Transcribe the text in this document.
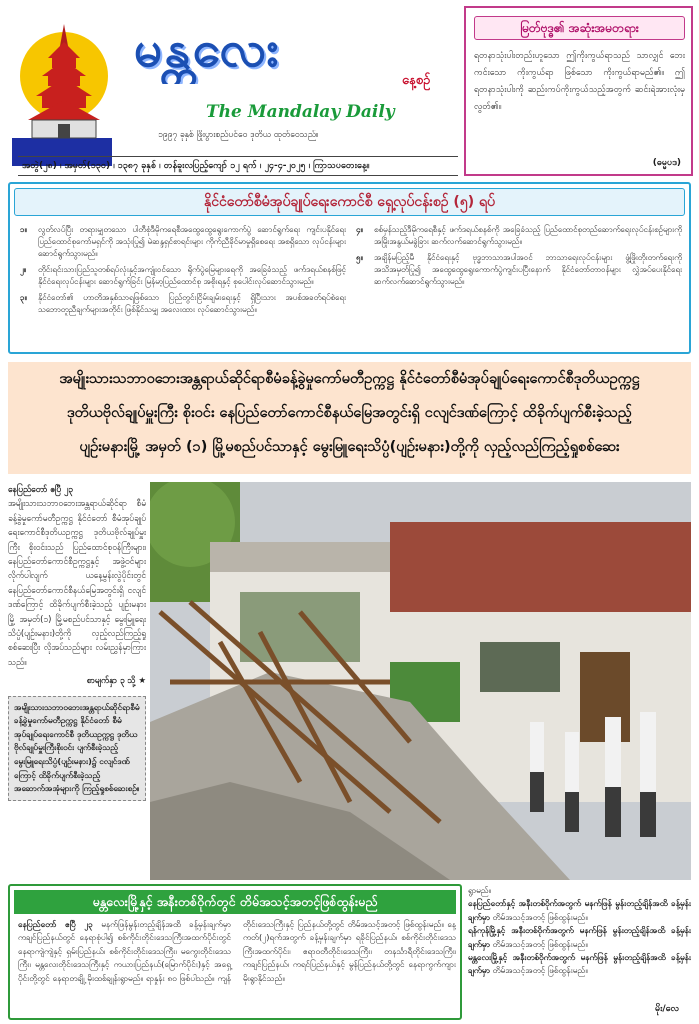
မန္တလေး
နေ့စဉ်
The Mandalay Daily
၁၉၉၇ ခုနှစ် ဖြိုးပွားစည်ပင်ဝေ ဒုတိယ ထုတ်ဝေသည်။
အတွဲ(၂၈) ၊ အမှတ်(၁၃၀) ၊ ၁၃၈၇ ခုနှစ် ၊ တန်ခူးလပြည့်ကျော် ၁၂ ရက် ၊ ၂၄-၄-၂၀၂၅ ၊ ကြာသပတေးနေ့။
မြတ်ဗုဒ္ဓ၏ အဆုံးအမတရား
ရတနာသုံးပါးတည်းဟူသော ဤကိုးကွယ်ရာသည် သာလျှင် ဘေးကင်းသော ကိုးကွယ်ရာ ဖြစ်သော ကိုးကွယ်ရာမည်၏။ ဤရတနာသုံးပါးကို ဆည်းကပ်ကိုးကွယ်သည့်အတွက် ဆင်းရဲအားလုံးမှ လွတ်၏။
(ဓမ္မပဒ)
နိုင်ငံတော်စီမံအုပ်ချုပ်ရေးကောင်စီ ရှေ့လုပ်ငန်းစဉ် (၅) ရပ်
၁။	လွတ်လပ်ပြီး တရားမျှတသော ပါတီစုံဒီမိုကရေစီအထွေထွေရွေးကောက်ပွဲ ဆောင်ရွက်ရေး ကျင်းပနိုင်ရေး ပြည်ထောင်စုကော်မရှင်ကို အသုံးပြု၍ မဲဆန္ဒရှင်စာရင်းများ ကိုက်ညီခိုင်မာမှုရှိစေရေး အစရှိသော လုပ်ငန်းများ ဆောင်ရွက်သွားမည်။
၂။	တိုင်းရင်းသားပြည်သူတစ်ရပ်လုံးနှင့်အကျုံးဝင်သော ရိုက်ပွဲမြေများရေကို အခြေခံသည့် ဖက်ဒရယ်စနစ်ဖြင့် နိုင်ငံရေးလုပ်ငန်းများ ဆောင်ရွက်ခြင်း မြန်မာ့ပြည်ထောင်စု အစိုးရနှင့် စုပေါင်းလုပ်ဆောင်သွားမည်။
၃။	နိုင်ငံတော်၏ ဟာတိအနှစ်သာရဖြစ်သော ပြည်တွင်းငြိမ်းချမ်းရေးနှင့် ရှိပြီးသား အပစ်အခတ်ရပ်စဲရေး သဘောတူညီချက်များအတိုင်း ဖြစ်နိုင်သမျှ အလေးထား လုပ်ဆောင်သွားမည်။
၄။	စစ်မှန်သည့်ဒီမိုကရေစီနှင့် ဖက်ဒရယ်စနစ်ကို အခြေခံသည့် ပြည်ထောင်စုတည်ဆောက်ရေးလုပ်ငန်းစဉ်များကို အမြိုးအနွယ်မခွဲခြား ဆက်လက်ဆောင်ရွက်သွားမည်။
၅။	အချိန်မပြည့်မီ နိုင်ငံရေးနှင့် ဗုဒ္ဓဘာသာအပါအဝင် ဘာသာရေးလုပ်ငန်းများ ဖွံ့ဖြိုးတိုးတက်ရေးကို အသိအမှတ်ပြု၍ အထွေထွေရွေးကောက်ပွဲကျင်းပပြီးနောက် နိုင်ငံတော်တာဝန်များ လွှဲအပ်ပေးနိုင်ရေး ဆက်လက်ဆောင်ရွက်သွားမည်။
အမျိုးသားသဘာဝဘေးအန္တရာယ်ဆိုင်ရာစီမံခန့်ခွဲမှုကော်မတီဥက္ကဋ္ဌ နိုင်ငံတော်စီမံအုပ်ချုပ်ရေးကောင်စီဒုတိယဥက္ကဋ္ဌ
ဒုတိယဗိုလ်ချုပ်မှူးကြီး စိုးဝင်း နေပြည်တော်ကောင်စီနယ်မြေအတွင်းရှိ ငလျင်ဒဏ်ကြောင့် ထိခိုက်ပျက်စီးခဲ့သည့်
ပျဉ်းမနားမြို့ အမှတ် (၁) မြို့မစည်ပင်သာနှင့် မွေးမြူရေးသိပ္ပံ(ပျဉ်းမနား)တို့ကို လှည့်လည်ကြည့်ရှုစစ်ဆေး
နေပြည်တော် ဧပြီ ၂၃
အမျိုးသားသဘာဝဘေးအန္တရာယ်ဆိုင်ရာ စီမံခန့်ခွဲမှုကော်မတီဥက္ကဋ္ဌ နိုင်ငံတော် စီမံအုပ်ချုပ်ရေးကောင်စီဒုတိယဥက္ကဋ္ဌ ဒုတိယဗိုလ်ချုပ်မှူးကြီး စိုးဝင်းသည် ပြည်ထောင်စုဝန်ကြီးများ၊ နေပြည်တော်ကောင်စီဥက္ကဋ္ဌနှင့် အဖွဲ့ဝင်များ လိုက်ပါလျက် ယနေ့မွန်းလွဲပိုင်းတွင် နေပြည်တော်ကောင်စီနယ်မြေအတွင်းရှိ ငလျင်ဒဏ်ကြောင့် ထိခိုက်ပျက်စီးခဲ့သည့် ပျဉ်းမနားမြို့ အမှတ်(၁) မြို့မစည်ပင်သာနှင့် မွေးမြူရေးသိပ္ပံ(ပျဉ်းမနား)တို့ကို လှည့်လည်ကြည့်ရှုစစ်ဆေးပြီး လိုအပ်သည်များ လမ်းညွှန်မှာကြားသည်။
စာမျက်နှာ ၃ သို့ ★
အမျိုးသားသဘာဝဘေးအန္တရာယ်ဆိုင်ရာစီမံခန့်ခွဲမှုကော်မတီဥက္ကဋ္ဌ နိုင်ငံတော် စီမံအုပ်ချုပ်ရေးကောင်စီ ဒုတိယဥက္ကဋ္ဌ ဒုတိယဗိုလ်ချုပ်မှူးကြီးစိုးဝင်း ပျက်စီးခဲ့သည့် မွေးမြူရေးသိပ္ပံ(ပျဉ်းမနား)၌ ငလျင်ဒဏ်ကြောင့် ထိခိုက်ပျက်စီးခဲ့သည့် အဆောက်အအုံများကို ကြည့်ရှုစစ်ဆေးစဉ်။
မန္တလေးမြို့နှင့် အနီးတစ်ဝိုက်တွင် တိမ်အသင့်အတင့်ဖြစ်ထွန်းမည်
နေပြည်တော် ဧပြီ ၂၃ မနက်ဖြန်မွန်းတည့်ချိန်အထိ ခန့်မှန်းချက်မှာ ကချင်ပြည်နယ်တွင် နေရာစုံပါ၍ စစ်ကိုင်းတိုင်းဒေသကြီးအထက်ပိုင်းတွင် နေရာကျဲကျဲနှင့် ရှမ်းပြည်နယ်၊ စစ်ကိုင်းတိုင်းဒေသကြီး၊ မကွေးတိုင်းဒေသကြီး၊ မန္တလေးတိုင်းဒေသကြီးနှင့် ကယားပြည်နယ်(မြောက်ပိုင်း)နှင့် အရှေ့ပိုင်းတို့တွင် နေရာတချို့ မိုးထစ်ချုန်းရွာမည်။ ရာနှုန်း ၈၀ ဖြစ်ပါသည်။ ကျန်တိုင်းဒေသကြီးနှင့် ပြည်နယ်တို့တွင် တိမ်အသင့်အတင့် ဖြစ်ထွန်းမည်။ နေ့ကတ်(၂)ရက်အတွက် ခန့်မှန်းချက်မှာ ရခိုင်ပြည်နယ်၊ စစ်ကိုင်းတိုင်းဒေသကြီးအထက်ပိုင်း၊ ဧရာဝတီတိုင်းဒေသကြီး၊ တနင်္သာရီတိုင်းဒေသကြီး၊ ကချင်ပြည်နယ်၊ ကရင်ပြည်နယ်နှင့် မွန်ပြည်နယ်တို့တွင် နေရာကွက်ကျား မိုးရွာနိုင်သည်။
ရွာမည်။
နေပြည်တော်နှင့် အနီးတစ်ဝိုက်အတွက် မနက်ဖြန် မွန်းတည့်ချိန်အထိ ခန့်မှန်းချက်မှာ တိမ်အသင့်အတင့် ဖြစ်ထွန်းမည်။
ရန်ကုန်မြို့နှင့် အနီးတစ်ဝိုက်အတွက် မနက်ဖြန် မွန်းတည့်ချိန်အထိ ခန့်မှန်းချက်မှာ တိမ်အသင့်အတင့် ဖြစ်ထွန်းမည်။
မန္တလေးမြို့နှင့် အနီးတစ်ဝိုက်အတွက် မနက်ဖြန် မွန်းတည့်ချိန်အထိ ခန့်မှန်းချက်မှာ တိမ်အသင့်အတင့် ဖြစ်ထွန်းမည်။
မိုး/လေ
